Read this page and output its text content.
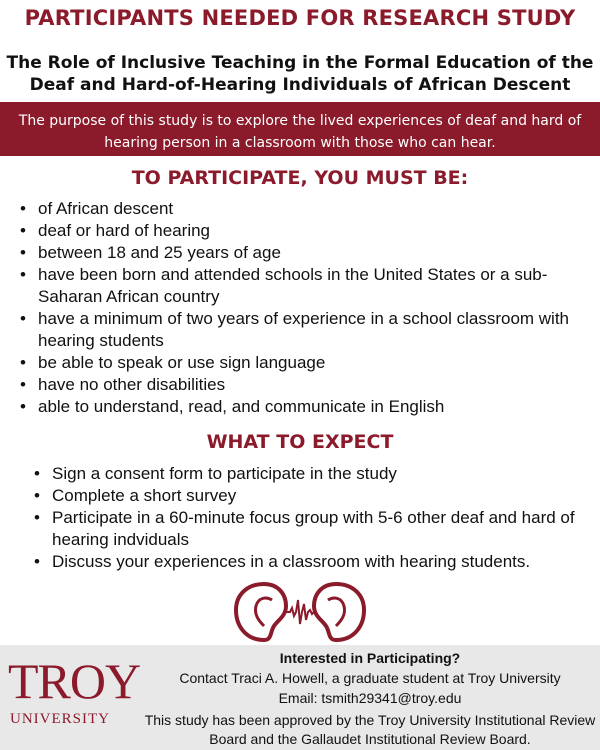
PARTICIPANTS NEEDED FOR RESEARCH STUDY
The Role of Inclusive Teaching in the Formal Education of the Deaf and Hard-of-Hearing Individuals of African Descent
The purpose of this study is to explore the lived experiences of deaf and hard of hearing person in a classroom with those who can hear.
TO PARTICIPATE, YOU MUST BE:
• of African descent
• deaf or hard of hearing
• between 18 and 25 years of age
• have been born and attended schools in the United States or a sub-Saharan African country
• have a minimum of two years of experience in a school classroom with hearing students
• be able to speak or use sign language
• have no other disabilities
• able to understand, read, and communicate in English
WHAT TO EXPECT
• Sign a consent form to participate in the study
• Complete a short survey
• Participate in a 60-minute focus group with 5-6 other deaf and hard of hearing indviduals
• Discuss your experiences in a classroom with hearing students.
TROY
UNIVERSITY
Interested in Participating?
Contact Traci A. Howell, a graduate student at Troy University
Email: tsmith29341@troy.edu
This study has been approved by the Troy University Institutional Review Board and the Gallaudet Institutional Review Board.
